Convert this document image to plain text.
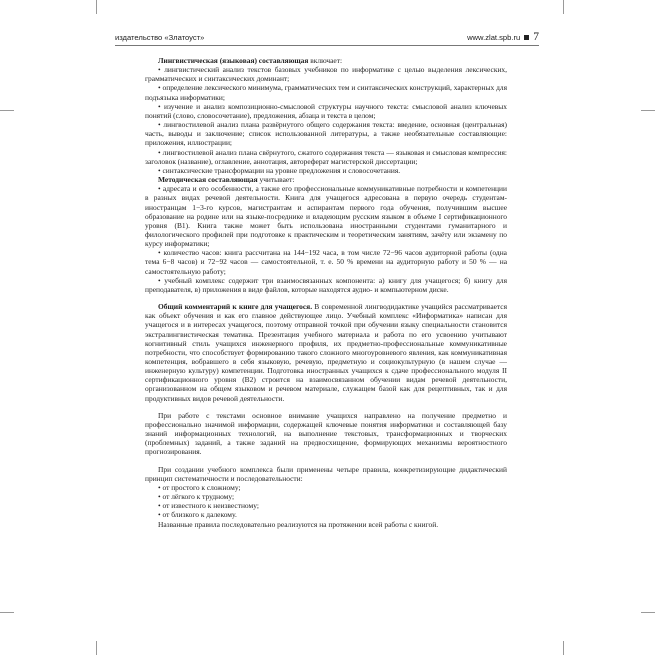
издательство «Златоуст»	www.zlat.spb.ru 7

Лингвистическая (языковая) составляющая включает:

• лингвистический анализ текстов базовых учебников по информатике с целью выделения лексических, грамматических и синтаксических доминант;

• определение лексического минимума, грамматических тем и синтаксических конструкций, характерных для подъязыка информатики;

• изучение и анализ композиционно-смысловой структуры научного текста: смысловой анализ ключевых понятий (слово, словосочетание), предложения, абзаца и текста в целом;

• лингвостилевой анализ плана развёрнутого общего содержания текста: введение, основная (центральная) часть, выводы и заключение; список использованной литературы, а также необязательные составляющие: приложения, иллюстрации;

• лингвостилевой анализ плана свёрнутого, сжатого содержания текста — языковая и смысловая компрессия: заголовок (название), оглавление, аннотация, автореферат магистерской диссертации;

• синтаксические трансформации на уровне предложения и словосочетания.

Методическая составляющая учитывает:

• адресата и его особенности, а также его профессиональные коммуникативные потребности и компетенции в разных видах речевой деятельности. Книга для учащегося адресована в первую очередь студентам-иностранцам 1−3-го курсов, магистрантам и аспирантам первого года обучения, получившим высшее образование на родине или на языке-посреднике и владеющим русским языком в объеме I сертификационного уровня (B1). Книга также может быть использована иностранными студентами гуманитарного и филологического профилей при подготовке к практическим и теоретическим занятиям, зачёту или экзамену по курсу информатики;

• количество часов: книга рассчитана на 144−192 часа, в том числе 72−96 часов аудиторной работы (одна тема 6−8 часов) и 72−92 часов — самостоятельной, т. е. 50 % времени на аудиторную работу и 50 % — на самостоятельную работу;

• учебный комплекс содержит три взаимосвязанных компонента: а) книгу для учащегося; б) книгу для преподавателя, в) приложения в виде файлов, которые находятся аудио- и компьютерном диске.

Общий комментарий к книге для учащегося. В современной лингводидактике учащийся рассматривается как объект обучения и как его главное действующее лицо. Учебный комплекс «Информатика» написан для учащегося и в интересах учащегося, поэтому отправной точкой при обучении языку специальности становится экстралингвистическая тематика. Презентация учебного материала и работа по его усвоению учитывают когнитивный стиль учащихся инженерного профиля, их предметно-профессиональные коммуникативные потребности, что способствует формированию такого сложного многоуровневого явления, как коммуникативная компетенция, вобравшего в себя языковую, речевую, предметную и социокультурную (в нашем случае — инженерную культуру) компетенции. Подготовка иностранных учащихся к сдаче профессионального модуля II сертификационного уровня (B2) строится на взаимосвязанном обучении видам речевой деятельности, организованном на общем языковом и речевом материале, служащем базой как для рецептивных, так и для продуктивных видов речевой деятельности.

При работе с текстами основное внимание учащихся направлено на получение предметно и профессионально значимой информации, содержащей ключевые понятия информатики и составляющей базу знаний информационных технологий, на выполнение текстовых, трансформационных и творческих (проблемных) заданий, а также заданий на предвосхищение, формирующих механизмы вероятностного прогнозирования.

При создании учебного комплекса были применены четыре правила, конкретизирующие дидактический принцип систематичности и последовательности:

• от простого к сложному;

• от лёгкого к трудному;

• от известного к неизвестному;

• от близкого к далекому.

Названные правила последовательно реализуются на протяжении всей работы с книгой.
